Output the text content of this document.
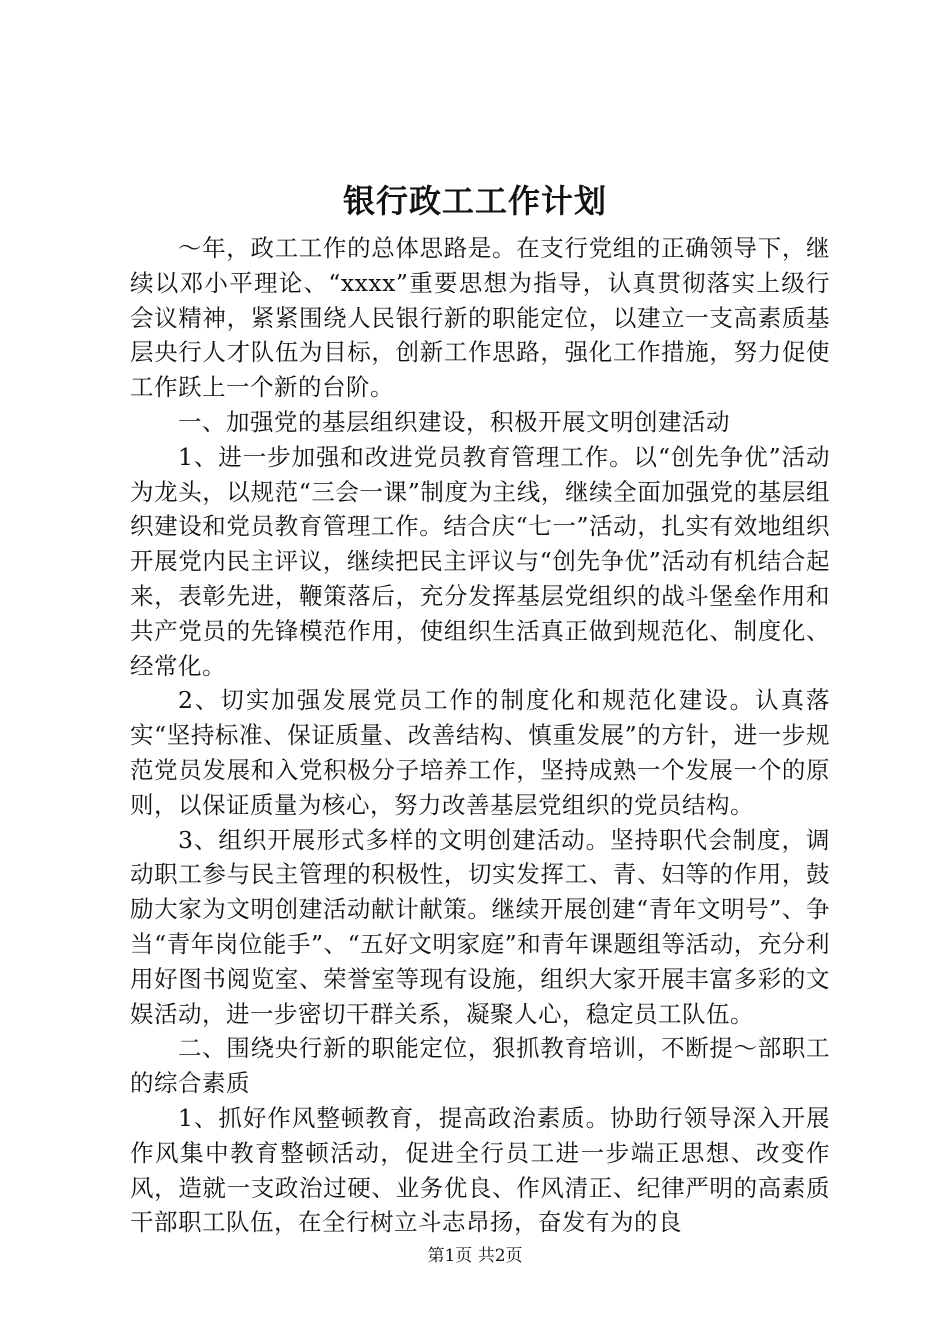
银行政工工作计划

～年，政工工作的总体思路是。在支行党组的正确领导下，继续以邓小平理论、“xxxx”重要思想为指导，认真贯彻落实上级行会议精神，紧紧围绕人民银行新的职能定位，以建立一支高素质基层央行人才队伍为目标，创新工作思路，强化工作措施，努力促使工作跃上一个新的台阶。

一、加强党的基层组织建设，积极开展文明创建活动

1、进一步加强和改进党员教育管理工作。以“创先争优”活动为龙头，以规范“三会一课”制度为主线，继续全面加强党的基层组织建设和党员教育管理工作。结合庆“七一”活动，扎实有效地组织开展党内民主评议，继续把民主评议与“创先争优”活动有机结合起来，表彰先进，鞭策落后，充分发挥基层党组织的战斗堡垒作用和共产党员的先锋模范作用，使组织生活真正做到规范化、制度化、经常化。

2、切实加强发展党员工作的制度化和规范化建设。认真落实“坚持标准、保证质量、改善结构、慎重发展”的方针，进一步规范党员发展和入党积极分子培养工作，坚持成熟一个发展一个的原则，以保证质量为核心，努力改善基层党组织的党员结构。

3、组织开展形式多样的文明创建活动。坚持职代会制度，调动职工参与民主管理的积极性，切实发挥工、青、妇等的作用，鼓励大家为文明创建活动献计献策。继续开展创建“青年文明号”、争当“青年岗位能手”、“五好文明家庭”和青年课题组等活动，充分利用好图书阅览室、荣誉室等现有设施，组织大家开展丰富多彩的文娱活动，进一步密切干群关系，凝聚人心，稳定员工队伍。

二、围绕央行新的职能定位，狠抓教育培训，不断提～部职工的综合素质

1、抓好作风整顿教育，提高政治素质。协助行领导深入开展作风集中教育整顿活动，促进全行员工进一步端正思想、改变作风，造就一支政治过硬、业务优良、作风清正、纪律严明的高素质干部职工队伍，在全行树立斗志昂扬，奋发有为的良

第1页 共2页
